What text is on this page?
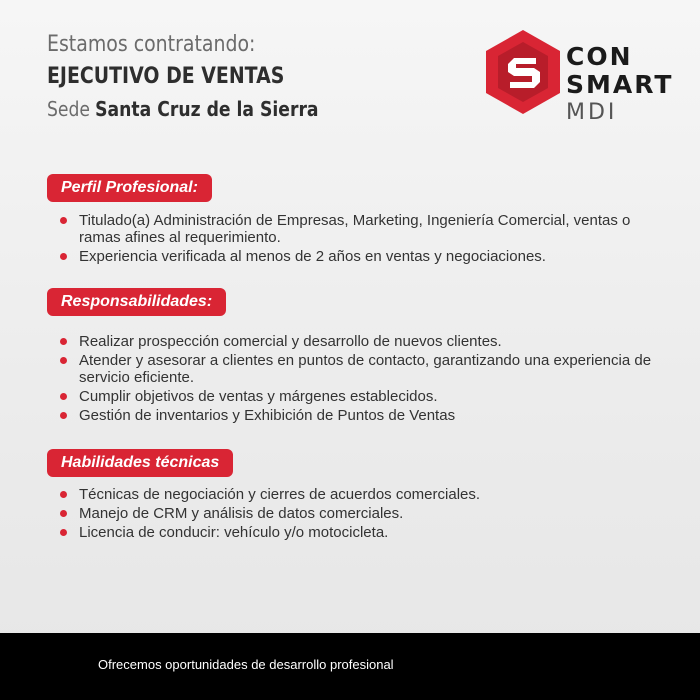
Estamos contratando:
EJECUTIVO DE VENTAS
Sede Santa Cruz de la Sierra
CON
SMART
MDI
Perfil Profesional:
Titulado(a) Administración de Empresas, Marketing, Ingeniería Comercial, ventas o ramas afines al requerimiento.
Experiencia verificada al menos de 2 años en ventas y negociaciones.
Responsabilidades:
Realizar prospección comercial y desarrollo de nuevos clientes.
Atender y asesorar a clientes en puntos de contacto, garantizando una experiencia de servicio eficiente.
Cumplir objetivos de ventas y márgenes establecidos.
Gestión de inventarios y Exhibición de Puntos de Ventas
Habilidades técnicas
Técnicas de negociación y cierres de acuerdos comerciales.
Manejo de CRM y análisis de datos comerciales.
Licencia de conducir: vehículo y/o motocicleta.
Ofrecemos oportunidades de desarrollo profesional
